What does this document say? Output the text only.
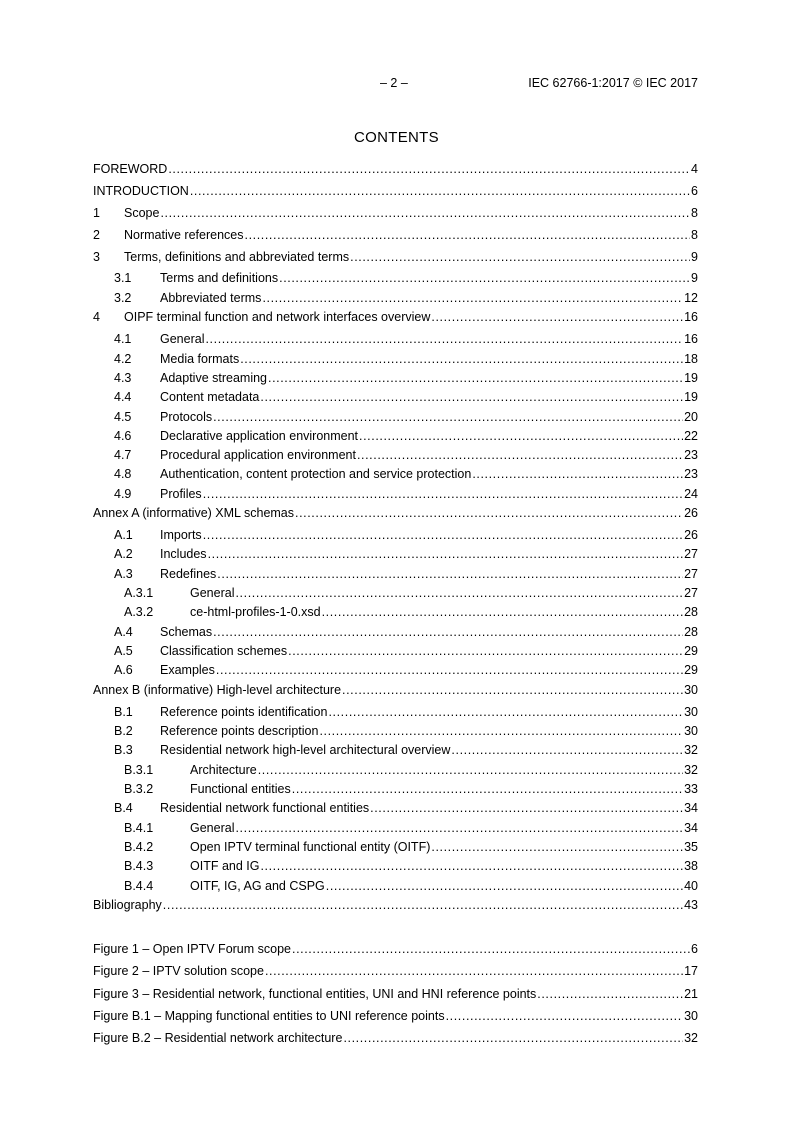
– 2 –	IEC 62766-1:2017 © IEC 2017
CONTENTS
FOREWORD .....	4
INTRODUCTION .....	6
1	Scope .....	8
2	Normative references .....	8
3	Terms, definitions and abbreviated terms .....	9
3.1	Terms and definitions .....	9
3.2	Abbreviated terms .....	12
4	OIPF terminal function and network interfaces overview .....	16
4.1	General .....	16
4.2	Media formats .....	18
4.3	Adaptive streaming .....	19
4.4	Content metadata .....	19
4.5	Protocols .....	20
4.6	Declarative application environment .....	22
4.7	Procedural application environment .....	23
4.8	Authentication, content protection and service protection .....	23
4.9	Profiles .....	24
Annex A (informative) XML schemas .....	26
A.1	Imports .....	26
A.2	Includes .....	27
A.3	Redefines .....	27
A.3.1	General .....	27
A.3.2	ce-html-profiles-1-0.xsd .....	28
A.4	Schemas .....	28
A.5	Classification schemes .....	29
A.6	Examples .....	29
Annex B (informative) High-level architecture .....	30
B.1	Reference points identification .....	30
B.2	Reference points description .....	30
B.3	Residential network high-level architectural overview .....	32
B.3.1	Architecture .....	32
B.3.2	Functional entities .....	33
B.4	Residential network functional entities .....	34
B.4.1	General .....	34
B.4.2	Open IPTV terminal functional entity (OITF) .....	35
B.4.3	OITF and IG .....	38
B.4.4	OITF, IG, AG and CSPG .....	40
Bibliography .....	43
Figure 1 – Open IPTV Forum scope .....	6
Figure 2 – IPTV solution scope .....	17
Figure 3 – Residential network, functional entities, UNI and HNI reference points .....	21
Figure B.1 – Mapping functional entities to UNI reference points .....	30
Figure B.2 – Residential network architecture .....	32
